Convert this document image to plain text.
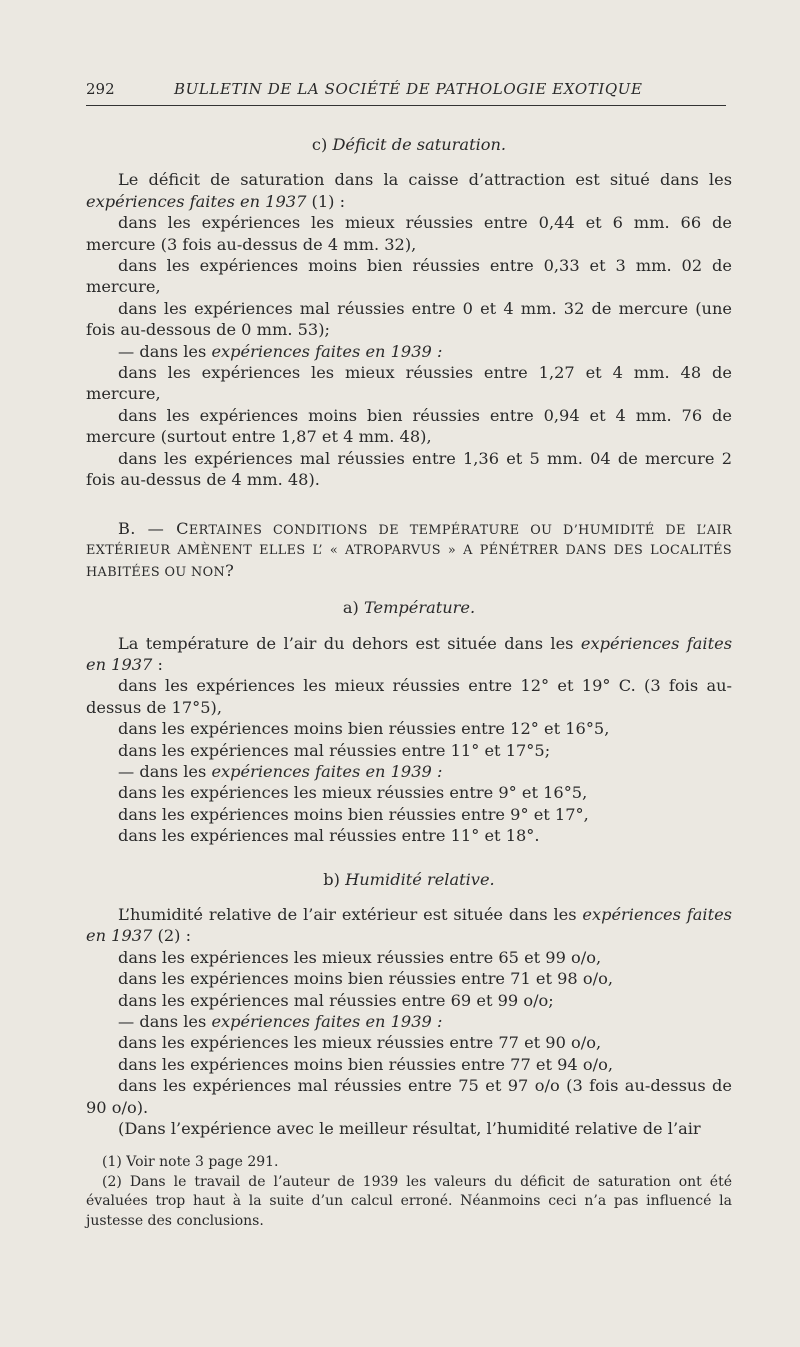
292	BULLETIN DE LA SOCIÉTÉ DE PATHOLOGIE EXOTIQUE

c) Déficit de saturation.

Le déficit de saturation dans la caisse d’attraction est situé dans les expériences faites en 1937 (1) :

dans les expériences les mieux réussies entre 0,44 et 6 mm. 66 de mercure (3 fois au-dessus de 4 mm. 32),

dans les expériences moins bien réussies entre 0,33 et 3 mm. 02 de mercure,

dans les expériences mal réussies entre 0 et 4 mm. 32 de mercure (une fois au-dessous de 0 mm. 53);

— dans les expériences faites en 1939 :

dans les expériences les mieux réussies entre 1,27 et 4 mm. 48 de mercure,

dans les expériences moins bien réussies entre 0,94 et 4 mm. 76 de mercure (surtout entre 1,87 et 4 mm. 48),

dans les expériences mal réussies entre 1,36 et 5 mm. 04 de mercure 2 fois au-dessus de 4 mm. 48).

B. — CERTAINES CONDITIONS DE TEMPÉRATURE OU D’HUMIDITÉ DE L’AIR EXTÉRIEUR AMÈNENT ELLES L’ « ATROPARVUS » A PÉNÉTRER DANS DES LOCALITÉS HABITÉES OU NON?

a) Température.

La température de l’air du dehors est située dans les expériences faites en 1937 :

dans les expériences les mieux réussies entre 12° et 19° C. (3 fois au-dessus de 17°5),

dans les expériences moins bien réussies entre 12° et 16°5,

dans les expériences mal réussies entre 11° et 17°5;

— dans les expériences faites en 1939 :

dans les expériences les mieux réussies entre 9° et 16°5,

dans les expériences moins bien réussies entre 9° et 17°,

dans les expériences mal réussies entre 11° et 18°.

b) Humidité relative.

L’humidité relative de l’air extérieur est située dans les expériences faites en 1937 (2) :

dans les expériences les mieux réussies entre 65 et 99 o/o,

dans les expériences moins bien réussies entre 71 et 98 o/o,

dans les expériences mal réussies entre 69 et 99 o/o;

— dans les expériences faites en 1939 :

dans les expériences les mieux réussies entre 77 et 90 o/o,

dans les expériences moins bien réussies entre 77 et 94 o/o,

dans les expériences mal réussies entre 75 et 97 o/o (3 fois au-dessus de 90 o/o).

(Dans l’expérience avec le meilleur résultat, l’humidité relative de l’air

(1) Voir note 3 page 291.

(2) Dans le travail de l’auteur de 1939 les valeurs du déficit de saturation ont été évaluées trop haut à la suite d’un calcul erroné. Néanmoins ceci n’a pas influencé la justesse des conclusions.
